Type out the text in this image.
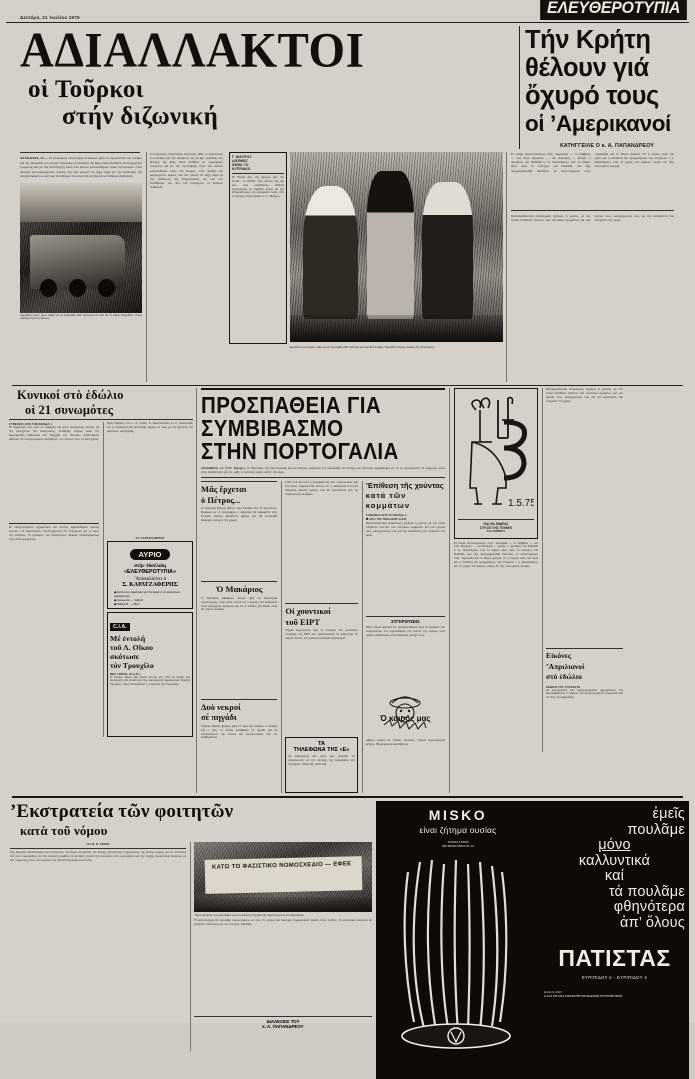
Δευτέρα, 21 Ἰουλίου 1975
ΕΛΕΥΘΕΡΟΤΥΠΙΑ
ΑΔΙΑΛΛΑΚΤΟΙ
οἱ Τοῦρκοι
στήν διζωνική
Τήν Κρήτη
θέλουν γιά
ὄχυρό τους
οἱ ’Αμερικανοί
ΚΑΤΗΓΓΕΙΛΕ Ο κ. Α. ΠΑΠΑΝΔΡΕΟΥ
ΛΕΥΚΩΣΙΑ, 21.— Ὁ κυπριακός ἑλληνισμός ἀνανέωσε χθές τό ἀγωνιστικό του πνεῦμα καί τήν ἀπόφασή του νά μήν ὑποκύψη στή δύναμη τῆς βίας, ἀλλά ἀντίθετα νά προχωρήση ἑνωμένος καί μέ τήν ὑποστήριξη ὅλων τῶν ἄλλων φιλελευθέρων λαῶν τοῦ κόσμου, στόν σκληρό καί μακροχρόνιο ἀγώνα, πού δέν μπορεῖ νά λήξη παρά μέ τήν ἀνάκτηση τῆς ἀνεξαρτησίας του καί τῶν ἐλευθεριῶν του πού τοῦ ἐστέρησαν οἱ Τοῦρκοι εἰσβολεῖς.
Δωρηθέντα μέσα ἔχουν λάβει γιά νά προληφθῆ κάθε ἀπόπειρα καί πάλι θά τὰ δοῦμε. Θυμηθεῖτε ἐπίσης ὀπαδούς τῆς ἀντιστάσεως.
Ὁ κυπριακός ἑλληνισμός ἀνανέωσε χθές τό ἀγωνιστικό του πνεῦμα καί τήν ἀπόφασή του νά μήν ὑποκύψη στή δύναμη τῆς βίας, ἀλλά ἀντίθετα νά προχωρήση ἑνωμένος καί μέ τήν ὑποστήριξη ὅλων τῶν ἄλλων φιλελευθέρων λαῶν τοῦ κόσμου, στόν σκληρό καί μακροχρόνιο ἀγώνα, πού δέν μπορεῖ νά λήξη παρά μέ τήν ἀνάκτηση τῆς ἀνεξαρτησίας του καί τῶν ἐλευθεριῶν του πού τοῦ ἐστέρησαν οἱ Τοῦρκοι εἰσβολεῖς.
Γ. ΜΑΥΡΟΣ
ΔΙΕΘΝΕΣ
ΘΕΜΑ ΤΟ
ΚΥΠΡΙΑΚΟ
Ἡ Ἑλλάς ἔχει τήν ἀξίωση ἀπό τήν Ε.Ο.Κ., τό ΝΑΤΟ, τούς φίλους της καί ἀπό τούς ὑπευθύνους διεθνεῖς ὀργανισμούς νά ληφθοῦν μέτρα γιά τήν ἀποκατάσταση τοῦ κυπριακοῦ λαοῦ, εἶπε ὁ ὑπουργός Ἐξωτερικῶν κ. Γ. Μαῦρος.
Δωρηθέντα μέσα ἔχουν λάβει γιά νά προληφθῆ κάθε ἀπόπειρα καί πάλι θά τὰ δοῦμε. Θυμηθεῖτε ἐπίσης ὀπαδούς τῆς ἀντιστάσεως.
Σέ κλίμα συγκεντρώσεως στήν ’Αμαλιάδα — τό Σάββατο — καί στήν Ριζόμυλο — τήν Κυριακή — μίλησε ὁ πρόεδρος τοῦ ΠΑΣΟΚ κ. Α. Παπανδρέου, ἀπό τό ὑψηλό ὕψος πρός τό στέλεχος τοῦ ΠΑΣΟΚ, πού εἶχε προγραμματισθῆ ἰδιαίτερα, οἱ συγκεντρώσεις στήν ’Αμαλιάδα καί τό Πήλιο ἄφησαν ὅτι ἡ πορεία ὑπέρ τοῦ λαοῦ καί ἡ ἀντίθεσις θά προχωρήσουν. Στό Ριζόμυλο ὁ κ. Παπανδρέου, ἀπό τό μέρος τοῦ ἀγῶνος τονίζει ὅτι εἶχε πυκνωμένη ἀλλαγή.
Προπαγανδιστική ἀνακοίνωση ἐξέδωσε ἡ χούντα, μέ τήν ὁποία ἐπιτίθεται ἐναντίον τῶν πολιτικῶν κομμάτων καί τῶν ἡγετῶν τους, κατηγορῶντας τους γιά τήν κατάσταση πού ἐπικρατεῖ στή χώρα.
Κυνικοί στὸ ἑδώλιο
οἱ 21 συνωμότες
ΣΥΝΕΧΕΙΑ ΑΠΟ ΤΗΝ ΣΕΛΙΔΑ 1
Ἡ συμμετοχή τῶν «21» σέ ἀνώμαλη καί μόνο συνωμοτική κίνηση, μέ τήν καταγγελία τοῦ εἰσαγγελέως, ἀπεδείχθη πλήρως κατά τήν ἀκροαματική διαδικασία πού διεξήχθη στό Ἔκτακτο Στρατοδικεῖο Ἀθηνῶν. Οἱ κατηγορούμενοι ἀρνήθηκαν στό σύνολό τους τίς κατηγορίες.
Οἱ κατηγορούμενοι ἀξιωματικοί καί πολῖτες ἐμφανίσθηκαν κυνικοί ἐνώπιον τοῦ δικαστηρίου, ὑποστηρίζοντας ὅτι ἐνήργησαν γιά τό καλό τῆς πατρίδος. Ὁ πρόεδρος τοῦ δικαστηρίου διέκοψε ἐπανειλημμένως τούς ἀπολογουμένους.
Πρός Ρυθμίση τοῦ κ. Α. Στάθη, Κ. Κωνσταντάκη κ.λ.π. ἀνεκοινώθη ὅτι ἡ συνεδρίαση θά συνεχισθῆ σήμερα τό πρωί μέ τήν ἐξέταση τῶν μαρτύρων κατηγορίας.
ΣΤ. ΚΑΡΑΤΖΑΦΕΡΗΣ
ΑΥΡΙΟ
στήν 16σέλιδη
«ΕΛΕΥΘΕΡΟΤΥΠΙΑ»
’Αποκαλύπτει ὁ
Σ. ΚΑΡΑΤΖΑΦΕΡΗΣ
◆ Κάτι πολύ σημαντικό γιά τήν δράση τοῦ φασιστικοῦ παρακράτους
◆ Λευκωσία — ’Αθήνα
◆ ΕΟΚΑ Β΄ — ΕΣΑ
C.I.A.
Μέ ἐντολή
τοῦ Λ. Οἴκου
σκότωσε
τόν Τρουχίλο
ΝΕΑ ΥΟΡΚΗ, 21 (Ι.Ρ.).
Ὁ Λευκός Οἶκος εἶχε δώσει ἐντολή στή CIA νά προβῆ στή δολοφονία τοῦ δικτάτορος τῆς Δομινικανῆς Δημοκρατίας Ραφαήλ Τρουχίλο, ὅπως ἀποκαλύπτει ἡ ἐπιτροπή τῆς Γερουσίας.
ΠΡΟΣΠΑΘΕΙΑ ΓΙΑ
ΣΥΜΒΙΒΑΣΜΟ
ΣΤΗΝ ΠΟΡΤΟΓΑΛΙΑ
ΛΙΣΑΒΩΝΑ, 21. (’Ι.Ρ. Τηλεγρ.). Ὁ Πρόεδρος τῆς Πορτογαλίας Κόστα Γκόμες «φαίνεται ὅτι προσπαθεῖ νά πετύχη μιά πολιτική συμβιβασμό μέ τό νά προσκαλέση τά κόμματα, πίσω στήν Κυβέρνηση γιά νά λυθῆ ἡ πολιτική κρίση αὐτήν τήν ὥρα.
Μᾶς ἔρχεται
ὁ Πέτρος...
Ὁ πρίγκιπας Πέτρος φθάνει στήν Ἑλλάδα στίς 15 Αὐγούστου. Σύμφωνα μέ τό πρόγραμμα, ὁ πρίγκιπας θά παραμείνη στήν Ἑλλάδα περίπου δεκαπέντε ἡμέρες καί θά ἐπισκεφθῆ διάφορες περιοχές τῆς χώρας.
Ὁ Μακάριος
Ὁ Πρόεδρος Μακάριος μίλησε χθές σέ Πανκύπρια συγκέντρωση, στήν ὁποία τόνισε ὅτι ὁ ἀγώνας τοῦ κυπριακοῦ λαοῦ συνεχίζεται ἀμείωτος καί ὅτι οἱ ἐλπίδες γιά δίκαιη λύση δέν ἔχουν ἐκλείψει.
Δυὸ νεκροί
σέ πηγάδι
Τραγικό θάνατο βρῆκαν χθές τό πρωί δύο ἄνδρες, ὁ πατέρας καί ὁ γιός, οἱ ὁποῖοι κατέβηκαν σέ πηγάδι γιά νά ἐπισκευάσουν τήν ἀντλία καί ἀσφυκτιοῦσαν ἀπό τίς ἀναθυμιάσεις.
Γιατί ἔτσι θά εἶναι ἡ ἀπομάκρυνση τῶν στρατιωτικῶν καί πολιτικῶν. Σημειώνεται πάντως ὅτι ἡ διαδικασία αὐτή θά διαρκέση ἀρκετές ἡμέρες, ἐνῶ 40 προσωπότες ἀπό τίς στρατιωτικές δυνάμεις.
Οἱ χουντικοί
τοῦ ΕΙΡΤ
Ἔχομε δημοσιεύσει ἤδη τά ὀνόματα τῶν χουντικῶν στελεχῶν τοῦ ΕΙΡΤ πού ἐξακολουθοῦν νά ὑπηρετοῦν σέ καίριες θέσεις τοῦ ραδιοτηλεοπτικοῦ ὀργανισμοῦ.
ΤΑ
ΤΗΛΕΦΩΝΑ ΤΗΣ «Ε»
Οἱ ἀναγνῶστες καί φίλοι μας μποροῦν νά ἐπικοινωνοῦν μέ τήν σύνταξη τῆς ἐφημερίδος στά τηλέφωνα: 3235.144, 3235.145.
’Επίθεση τῆς χούντας
κατά τῶν κομμάτων
ΣΥΝΕΧΕΙΑ ΑΠΟ ΤΗ ΣΕΛΙΔΑ 1
❶ ΑΠΟ ΤΗΣ ΘΡΑΚΙΚΗΣ ΖΩΗΣ
Προπαγανδιστική ἀνακοίνωση ἐξέδωσε ἡ χούντα, μέ τήν ὁποία ἐπιτίθεται ἐναντίον τῶν πολιτικῶν κομμάτων καί τῶν ἡγετῶν τους, κατηγορῶντας τους γιά τήν κατάσταση πού ἐπικρατεῖ στή χώρα.
ΣΥΓΚΡΟΥΣΕΙΣ
Πέντε ἄτομα φέρεται ὅτι τραυματίσθηκαν κατά τή διάρκεια τῶν συγκρούσεων πού σημειώθηκαν στό κέντρο τῆς πόλεως, ὅταν ὁμάδες διαδηλωτῶν συνεπλάκησαν μεταξύ τους.
Ὁ καιρός μας
Αἴθριος καιρός μέ τοπικές νεφώσεις. Ἄνεμοι βορειοδυτικοί μέτριοι. Θερμοκρασία ἀμετάβλητη.
1.5.75
ΚΑΙ ΘΑ ΑΝΔΡΑΣ
ΣΤΗ ΣΕΙ ΤΗΣ ΤΕΧΝΗΣ
Τοῦ ΛΑΜΠΡΟΥ
Σέ κλίμα συγκεντρώσεως στήν ’Αμαλιάδα — τό Σάββατο — καί στήν Ριζόμυλο — τήν Κυριακή — μίλησε ὁ πρόεδρος τοῦ ΠΑΣΟΚ κ. Α. Παπανδρέου, ἀπό τό ὑψηλό ὕψος πρός τό στέλεχος τοῦ ΠΑΣΟΚ, πού εἶχε προγραμματισθῆ ἰδιαίτερα, οἱ συγκεντρώσεις στήν ’Αμαλιάδα καί τό Πήλιο ἄφησαν ὅτι ἡ πορεία ὑπέρ τοῦ λαοῦ καί ἡ ἀντίθεσις θά προχωρήσουν. Στό Ριζόμυλο ὁ κ. Παπανδρέου, ἀπό τό μέρος τοῦ ἀγῶνος τονίζει ὅτι εἶχε πυκνωμένη ἀλλαγή.
Προπαγανδιστική ἀνακοίνωση ἐξέδωσε ἡ χούντα, μέ τήν ὁποία ἐπιτίθεται ἐναντίον τῶν πολιτικῶν κομμάτων καί τῶν ἡγετῶν τους, κατηγορῶντας τους γιά τήν κατάσταση πού ἐπικρατεῖ στή χώρα.
Εἰκόνες
’Απριλιανοί
στὸ ἐδώλιο
ΕΙΔΗΣΗ ΤΟΥ ΣΥΝΤΑΚΤΗ
Οἱ φωτογραφίες τῶν κατηγορουμένων ἀξιωματικῶν πού καταλαμβάνουν τό ἐδώλιο τοῦ κατηγορουμένου δημοσιεύονται σέ ὅλες τίς ἐφημερίδες.
’Εκστρατεία τῶν φοιτητῶν
κατὰ τοῦ νόμου
τοῦ Φ. Π. ΖΕΝΟΣ
Τήν Κυριακή Συνδιάσκεψη τῶν φοιτητικῶν συλλόγων ἀποφάσισε τήν ἔναρξη ἐκστρατείας ἐνημερώσεως τῆς κοινῆς γνώμης γιά τίς συνέπειες τοῦ νέου νομοσχεδίου γιά τήν ἀνώτατη παιδεία. Οἱ φοιτητές ζητοῦν τήν ἀπόσυρση τοῦ νομοσχεδίου καί τήν ἔναρξη οὐσιαστικοῦ διαλόγου μέ τήν συμμετοχή ὅλων τῶν φορέων τῆς πανεπιστημιακῆς κοινότητος.
ΚΑΤΩ ΤΟ ΦΑΣΙΣΤΙΚΟ ΝΟΜΟΣΧΕΔΙΟ — ΕΦΕΕ
Πανό φοιτητῶν πού ἀναρτήθηκε κατά τή διάρκεια τῆς χθεσινῆς συγκεντρώσεως στά Προπύλαια.
Ἡ κινητοποίηση θά περιλάβη συγκεντρώσεις σέ ὅλες τίς σχολές καί διανομή ἐνημερωτικοῦ ὑλικοῦ στούς πολῖτες. Οἱ φοιτητικοί σύλλογοι θά ζητήσουν συνάντηση μέ τόν ὑπουργό Παιδείας.
ΔΙΑΛΕΞΕΙΣ ΤΟΥ
κ. Α. ΠΑΠΑΝΔΡΕΟΥ
MISKO
είναι ζήτημα ουσίας
ΤΕΛΕΙΑ ΓΕΥΣΗ
ΜΕ ΜΙΣΚΟΤΙΡΙΝ Νο 10
ἐμεῖς
πουλᾶμε
μόνο
καλλυντικά
καί
τά πουλᾶμε
φθηνότερα
ἀπ’ ὅλους
ΠΑΤΙΣΤΑΣ
ΕΥΡΙΠΙΔΟΥ 2 - ΕΥΡΙΠΙΔΟΥ 4
● ἀπό τό 1915
● ΚΑΙ ΜΕ ΜΙΑ ΕΠΙΣΚΕΨΗ ΠΡΟΣΩΠΙΚΗ ΕΞΥΠΗΡΕΤΗΣΗ
